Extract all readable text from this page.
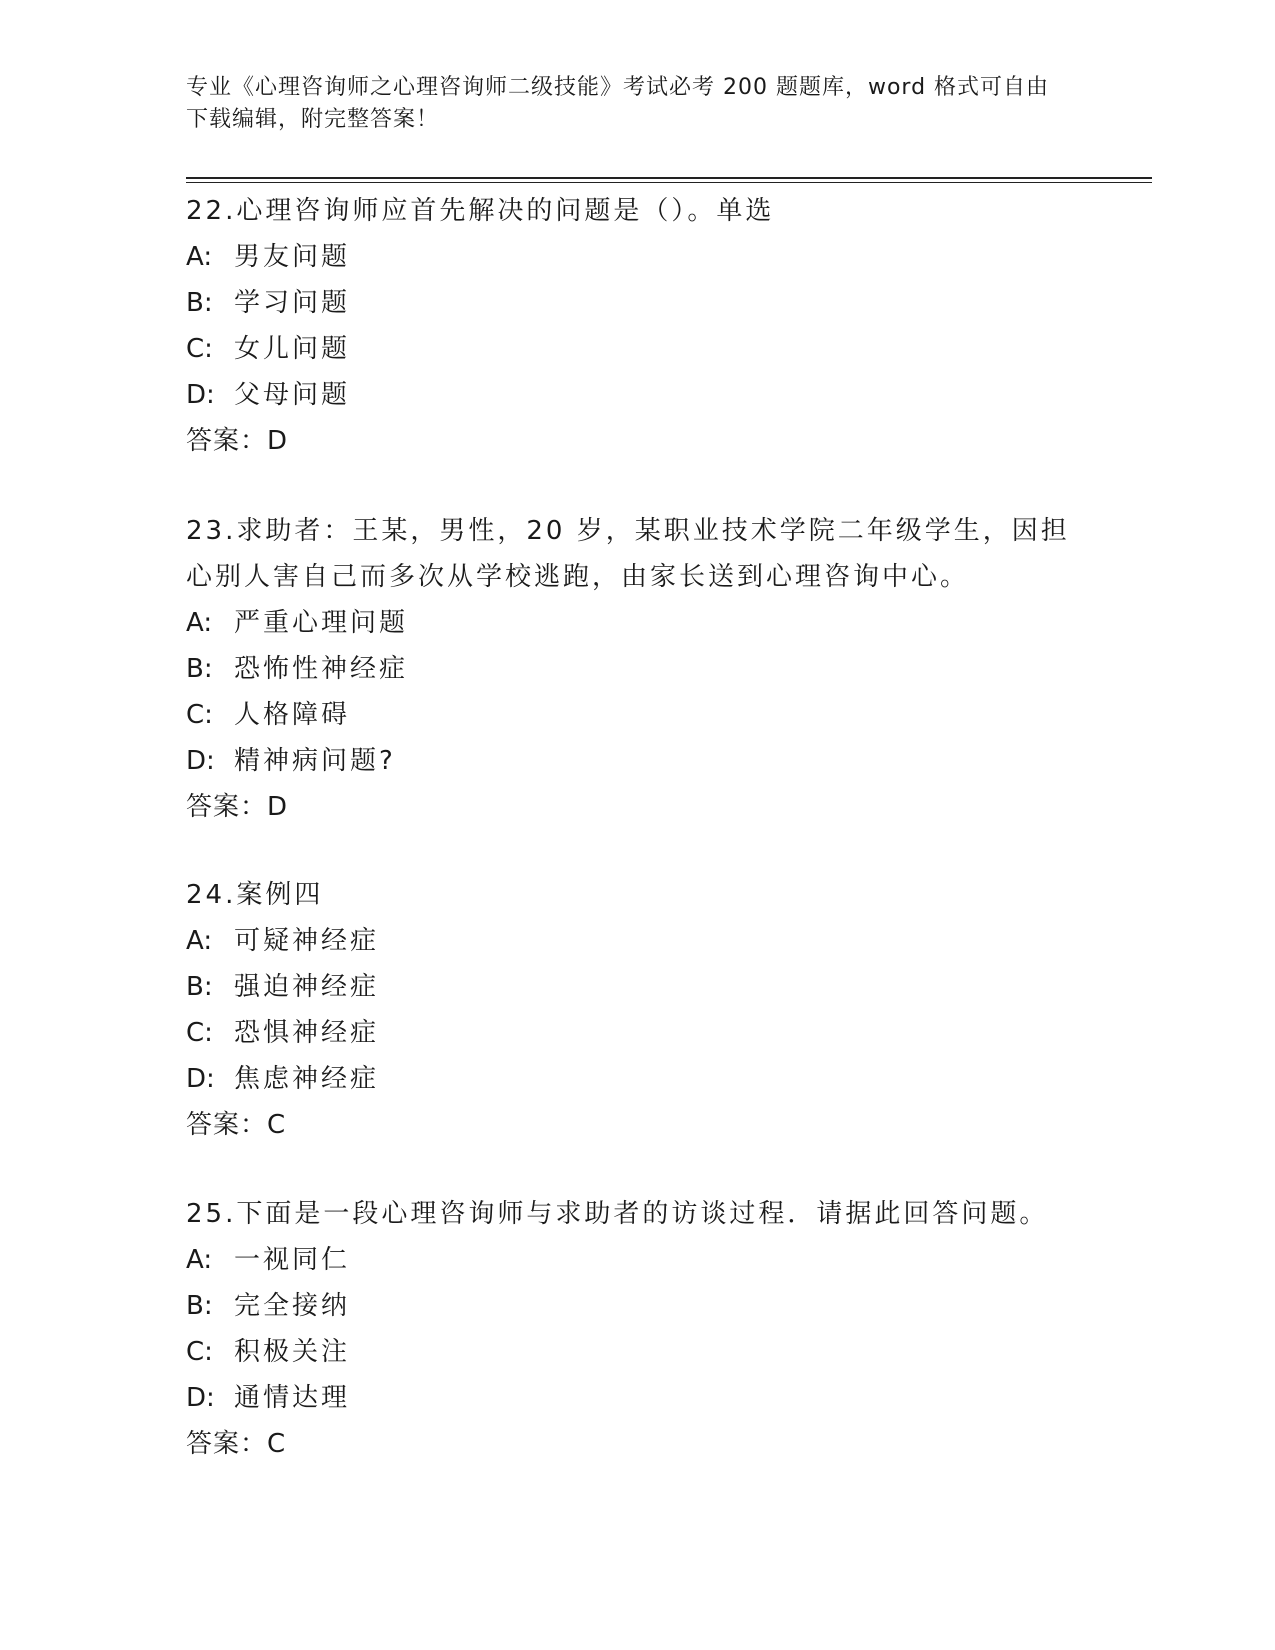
专业《心理咨询师之心理咨询师二级技能》考试必考 200 题题库，word 格式可自由下载编辑，附完整答案！
22.心理咨询师应首先解决的问题是（）。单选
A: 男友问题
B: 学习问题
C: 女儿问题
D: 父母问题
答案：D
23.求助者：王某，男性，20 岁，某职业技术学院二年级学生，因担心别人害自己而多次从学校逃跑，由家长送到心理咨询中心。
A: 严重心理问题
B: 恐怖性神经症
C: 人格障碍
D: 精神病问题?
答案：D
24.案例四
A: 可疑神经症
B: 强迫神经症
C: 恐惧神经症
D: 焦虑神经症
答案：C
25.下面是一段心理咨询师与求助者的访谈过程．请据此回答问题。
A: 一视同仁
B: 完全接纳
C: 积极关注
D: 通情达理
答案：C
